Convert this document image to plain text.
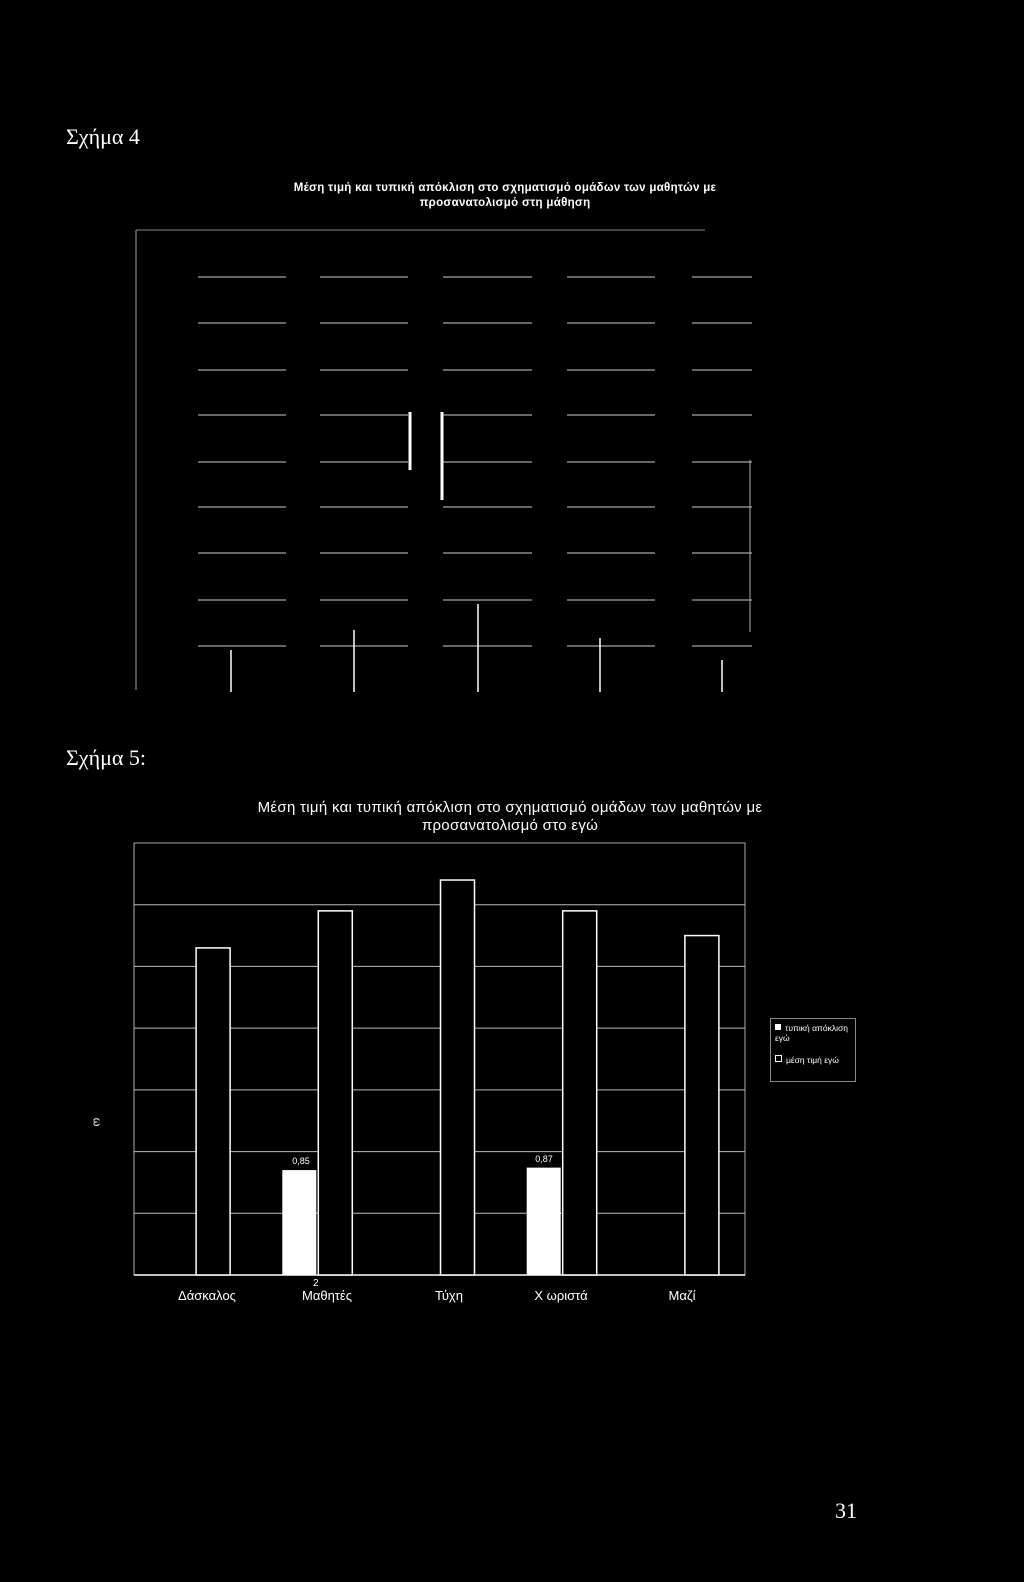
Σχήμα 4
Μέση τιμή και τυπική απόκλιση στο σχηματισμό ομάδων των μαθητών με
προσανατολισμό στη μάθηση
Σχήμα 5:
Μέση τιμή και τυπική απόκλιση στο σχηματισμό ομάδων των μαθητών με
προσανατολισμό στο εγώ
τυπική απόκλιση εγώ
μέση τιμή εγώ
Δάσκαλος	Μαθητές	Τύχη	Χ ωριστά	Μαζί
0,85	0,87
ω
2
31
